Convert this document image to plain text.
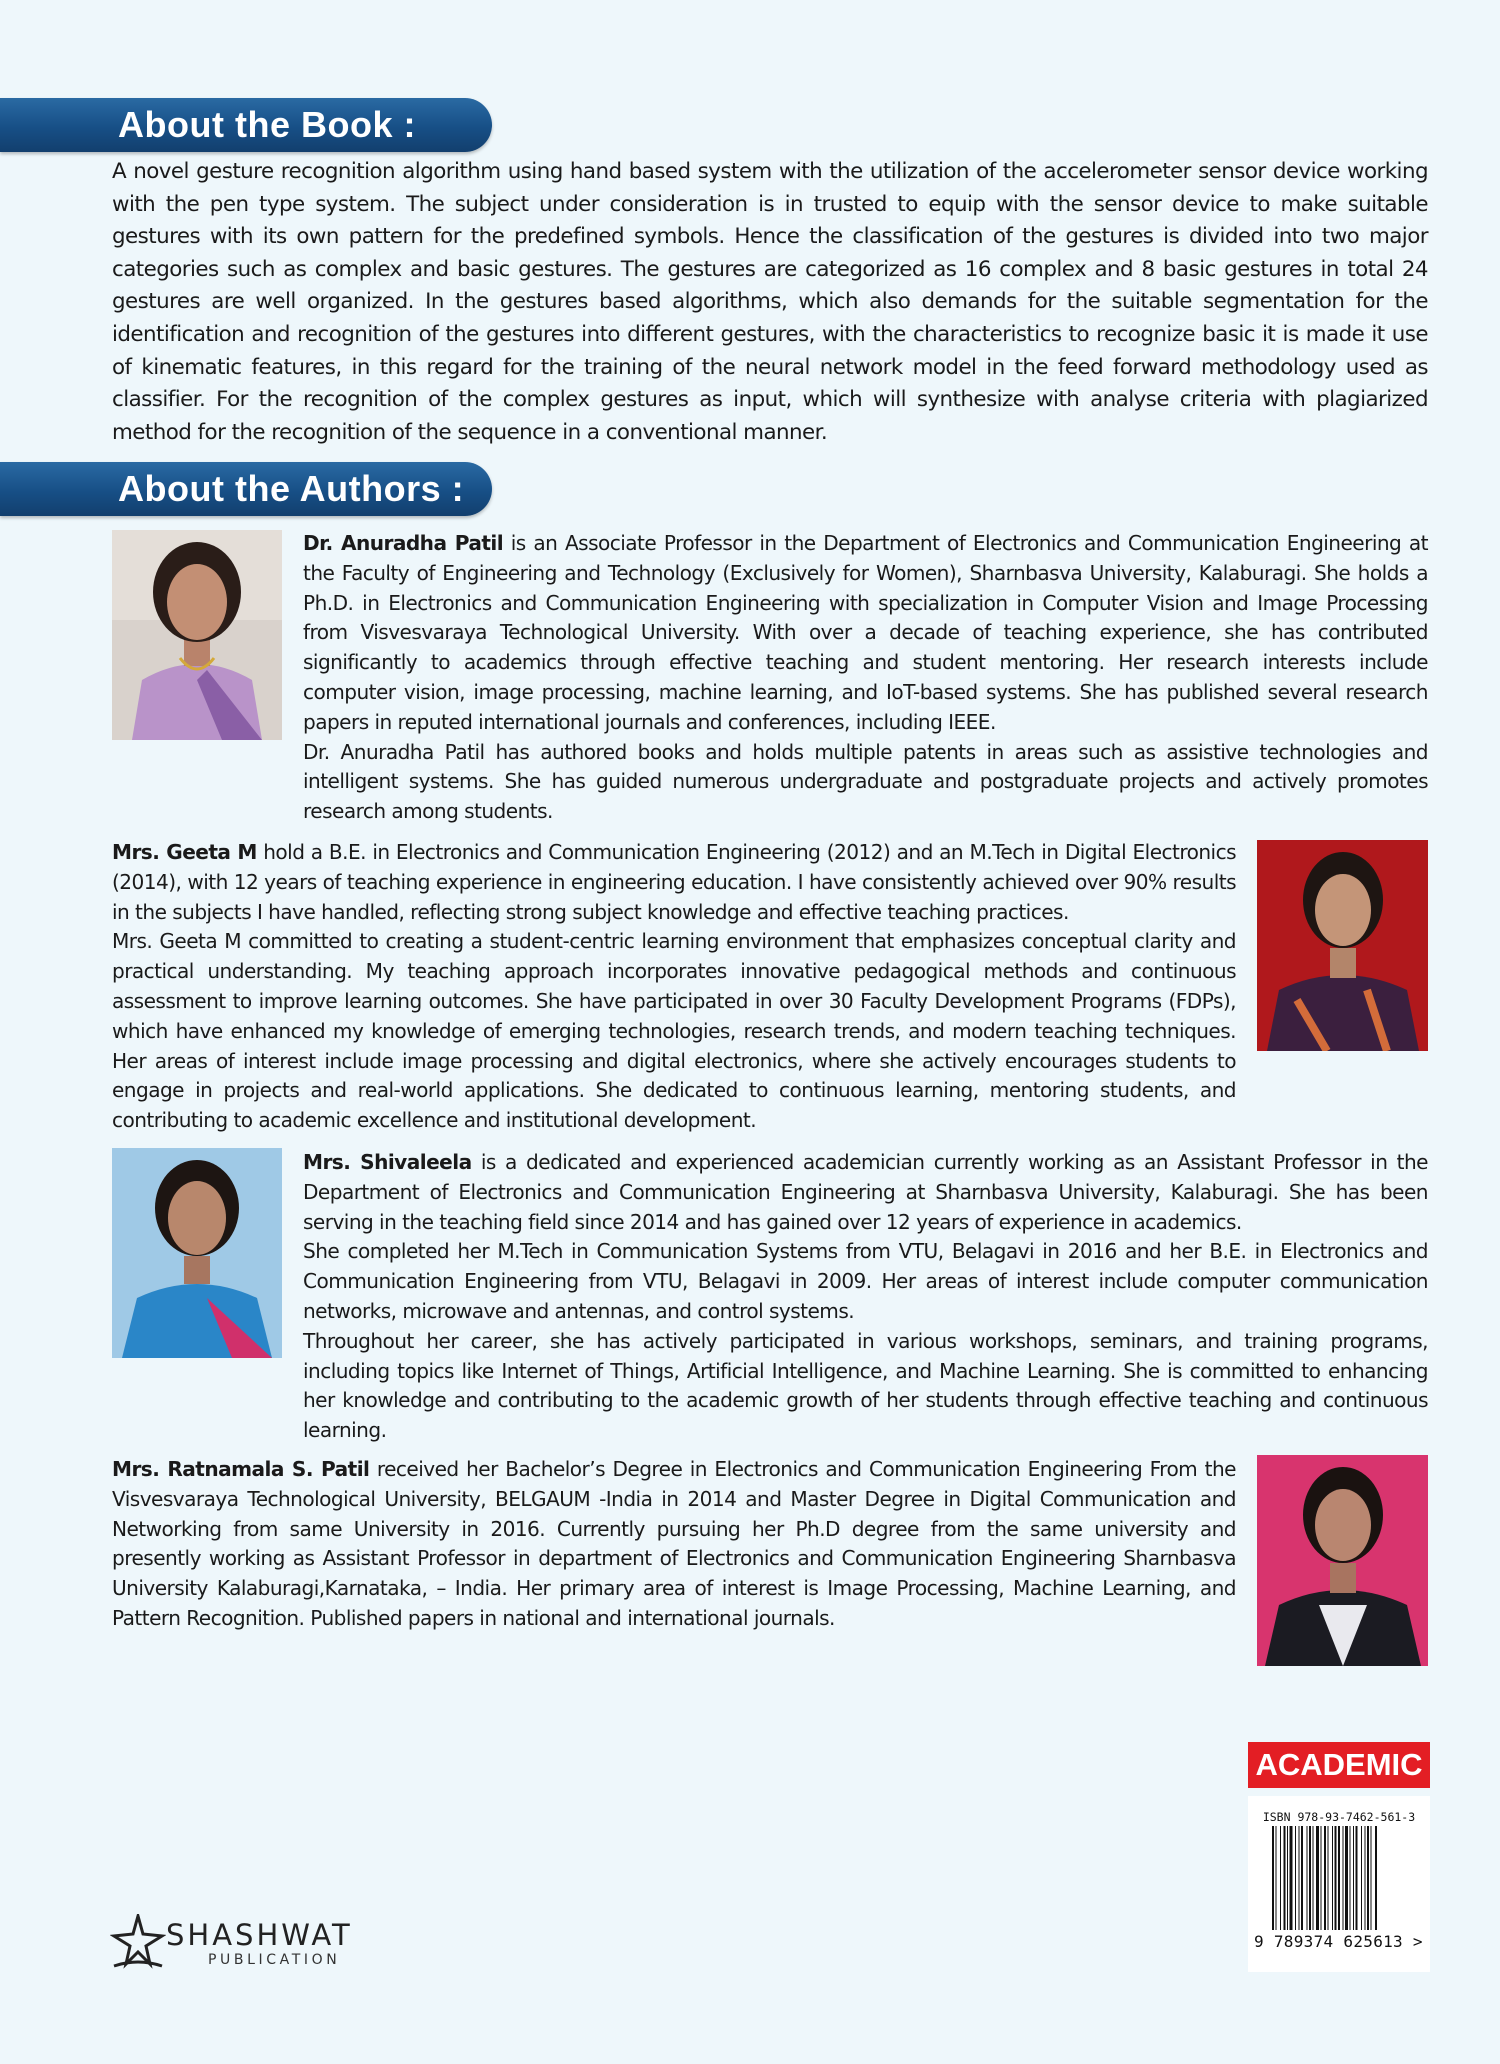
About the Book :

A novel gesture recognition algorithm using hand based system with the utilization of the accelerometer sensor device working with the pen type system. The subject under consideration is in trusted to equip with the sensor device to make suitable gestures with its own pattern for the predefined symbols. Hence the classification of the gestures is divided into two major categories such as complex and basic gestures. The gestures are categorized as 16 complex and 8 basic gestures in total 24 gestures are well organized. In the gestures based algorithms, which also demands for the suitable segmentation for the identification and recognition of the gestures into different gestures, with the characteristics to recognize basic it is made it use of kinematic features, in this regard for the training of the neural network model in the feed forward methodology used as classifier. For the recognition of the complex gestures as input, which will synthesize with analyse criteria with plagiarized method for the recognition of the sequence in a conventional manner.

About the Authors :

Dr. Anuradha Patil is an Associate Professor in the Department of Electronics and Communication Engineering at the Faculty of Engineering and Technology (Exclusively for Women), Sharnbasva University, Kalaburagi. She holds a Ph.D. in Electronics and Communication Engineering with specialization in Computer Vision and Image Processing from Visvesvaraya Technological University. With over a decade of teaching experience, she has contributed significantly to academics through effective teaching and student mentoring. Her research interests include computer vision, image processing, machine learning, and IoT-based systems. She has published several research papers in reputed international journals and conferences, including IEEE.

Dr. Anuradha Patil has authored books and holds multiple patents in areas such as assistive technologies and intelligent systems. She has guided numerous undergraduate and postgraduate projects and actively promotes research among students.

Mrs. Geeta M hold a B.E. in Electronics and Communication Engineering (2012) and an M.Tech in Digital Electronics (2014), with 12 years of teaching experience in engineering education. I have consistently achieved over 90% results in the subjects I have handled, reflecting strong subject knowledge and effective teaching practices.

Mrs. Geeta M committed to creating a student-centric learning environment that emphasizes conceptual clarity and practical understanding. My teaching approach incorporates innovative pedagogical methods and continuous assessment to improve learning outcomes. She have participated in over 30 Faculty Development Programs (FDPs), which have enhanced my knowledge of emerging technologies, research trends, and modern teaching techniques. Her areas of interest include image processing and digital electronics, where she actively encourages students to engage in projects and real-world applications. She dedicated to continuous learning, mentoring students, and contributing to academic excellence and institutional development.

Mrs. Shivaleela is a dedicated and experienced academician currently working as an Assistant Professor in the Department of Electronics and Communication Engineering at Sharnbasva University, Kalaburagi. She has been serving in the teaching field since 2014 and has gained over 12 years of experience in academics.

She completed her M.Tech in Communication Systems from VTU, Belagavi in 2016 and her B.E. in Electronics and Communication Engineering from VTU, Belagavi in 2009. Her areas of interest include computer communication networks, microwave and antennas, and control systems.

Throughout her career, she has actively participated in various workshops, seminars, and training programs, including topics like Internet of Things, Artificial Intelligence, and Machine Learning. She is committed to enhancing her knowledge and contributing to the academic growth of her students through effective teaching and continuous learning.

Mrs. Ratnamala S. Patil received her Bachelor’s Degree in Electronics and Communication Engineering From the Visvesvaraya Technological University, BELGAUM -India in 2014 and Master Degree in Digital Communication and Networking from same University in 2016. Currently pursuing her Ph.D degree from the same university and presently working as Assistant Professor in department of Electronics and Communication Engineering Sharnbasva University Kalaburagi,Karnataka, – India. Her primary area of interest is Image Processing, Machine Learning, and Pattern Recognition. Published papers in national and international journals.

ACADEMIC
ISBN 978-93-7462-561-3
9 789374 625613 >
SHASHWAT
PUBLICATION
